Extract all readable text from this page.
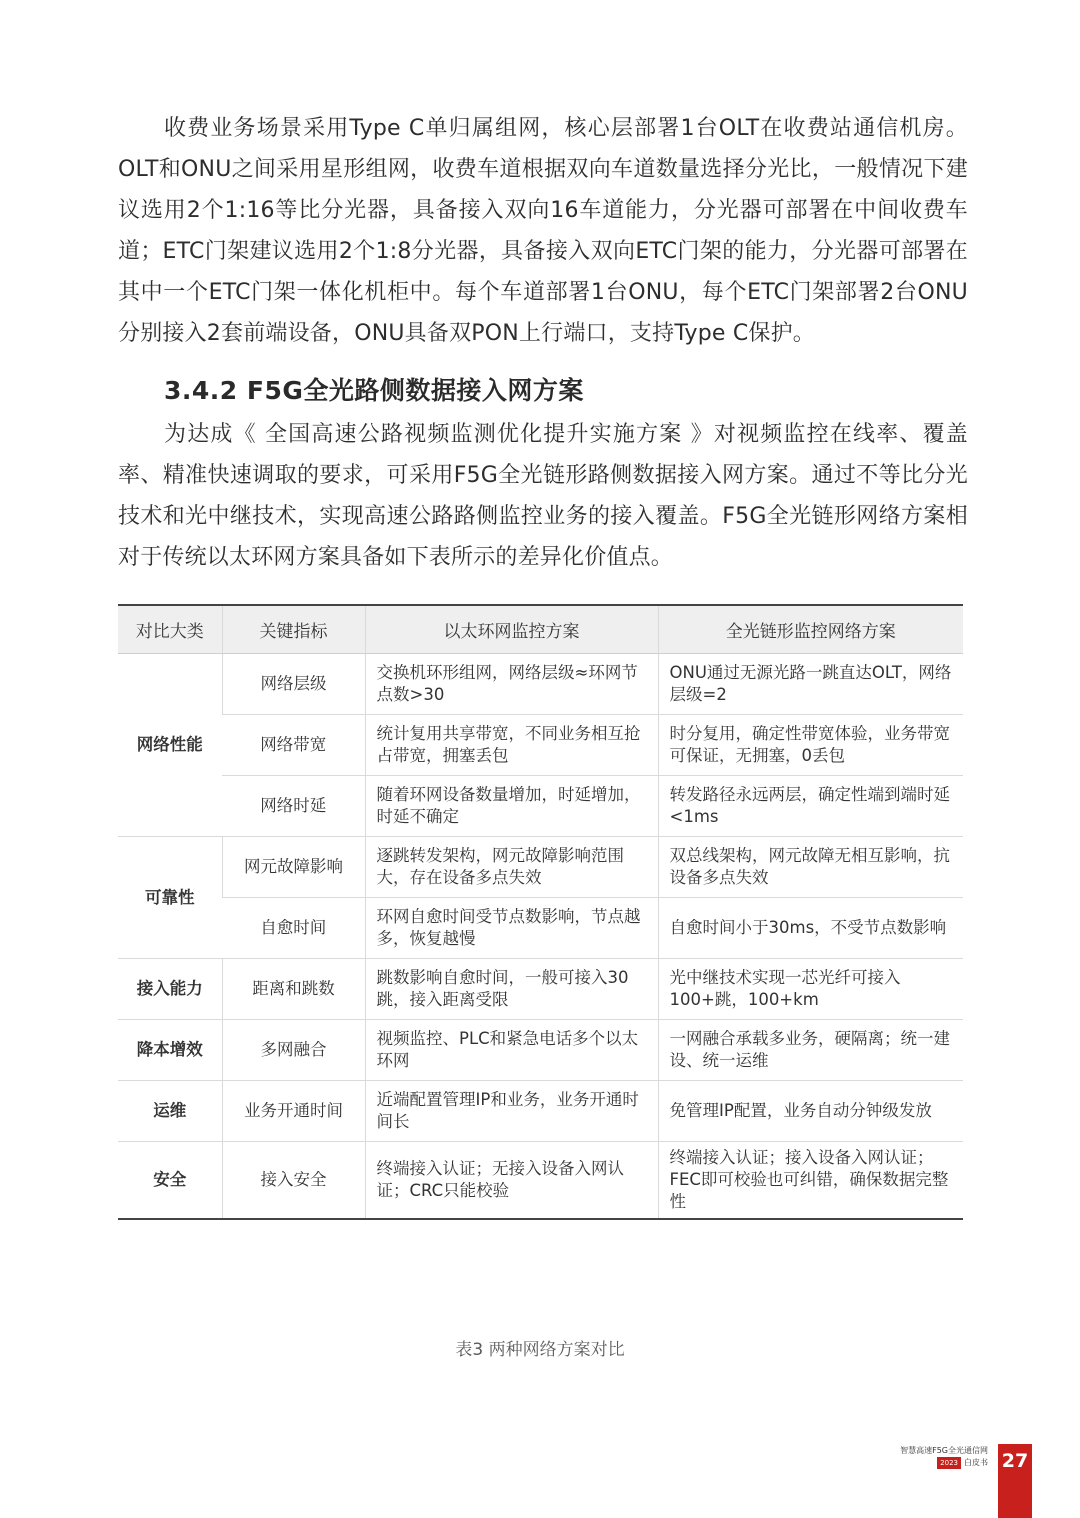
收费业务场景采用Type C单归属组网，核心层部署1台OLT在收费站通信机房。OLT和ONU之间采用星形组网，收费车道根据双向车道数量选择分光比，一般情况下建议选用2个1:16等比分光器，具备接入双向16车道能力，分光器可部署在中间收费车道；ETC门架建议选用2个1:8分光器，具备接入双向ETC门架的能力，分光器可部署在其中一个ETC门架一体化机柜中。每个车道部署1台ONU，每个ETC门架部署2台ONU分别接入2套前端设备，ONU具备双PON上行端口，支持Type C保护。
3.4.2 F5G全光路侧数据接入网方案
为达成《 全国高速公路视频监测优化提升实施方案 》对视频监控在线率、覆盖率、精准快速调取的要求，可采用F5G全光链形路侧数据接入网方案。通过不等比分光技术和光中继技术，实现高速公路路侧监控业务的接入覆盖。F5G全光链形网络方案相对于传统以太环网方案具备如下表所示的差异化价值点。
对比大类	关键指标	以太环网监控方案	全光链形监控网络方案
网络性能	网络层级	交换机环形组网，网络层级≈环网节点数>30	ONU通过无源光路一跳直达OLT，网络层级=2
	网络带宽	统计复用共享带宽，不同业务相互抢占带宽，拥塞丢包	时分复用，确定性带宽体验，业务带宽可保证，无拥塞，0丢包
	网络时延	随着环网设备数量增加，时延增加，时延不确定	转发路径永远两层，确定性端到端时延<1ms
可靠性	网元故障影响	逐跳转发架构，网元故障影响范围大，存在设备多点失效	双总线架构，网元故障无相互影响，抗设备多点失效
	自愈时间	环网自愈时间受节点数影响，节点越多，恢复越慢	自愈时间小于30ms，不受节点数影响
接入能力	距离和跳数	跳数影响自愈时间，一般可接入30跳，接入距离受限	光中继技术实现一芯光纤可接入100+跳，100+km
降本增效	多网融合	视频监控、PLC和紧急电话多个以太环网	一网融合承载多业务，硬隔离；统一建设、统一运维
运维	业务开通时间	近端配置管理IP和业务，业务开通时间长	免管理IP配置，业务自动分钟级发放
安全	接入安全	终端接入认证；无接入设备入网认证；CRC只能校验	终端接入认证；接入设备入网认证；FEC即可校验也可纠错，确保数据完整性
表3 两种网络方案对比
智慧高速F5G全光通信网
2023 白皮书 27
